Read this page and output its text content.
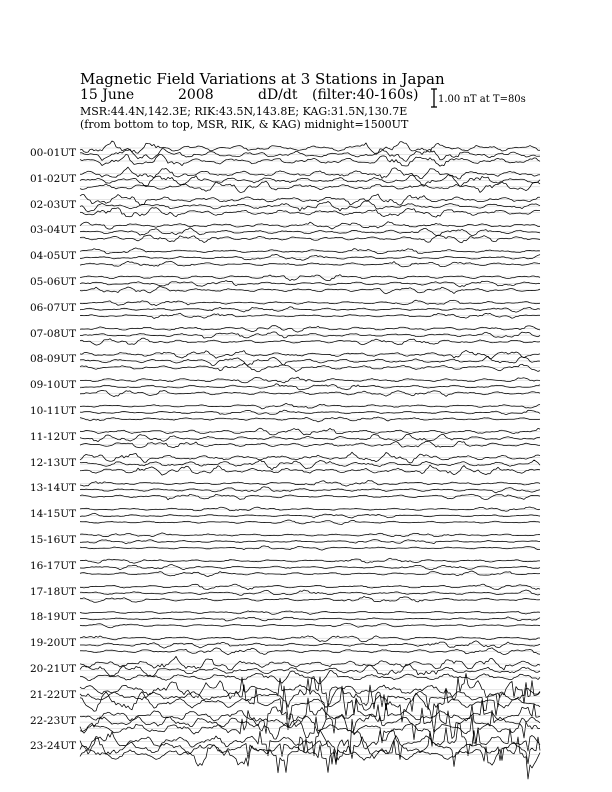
Magnetic Field Variations at 3 Stations in Japan
15 June	2008	dD/dt (filter:40-160s)
MSR:44.4N,142.3E; RIK:43.5N,143.8E; KAG:31.5N,130.7E
(from bottom to top, MSR, RIK, & KAG) midnight=1500UT
1.00 nT at T=80s
00-01UT
01-02UT
02-03UT
03-04UT
04-05UT
05-06UT
06-07UT
07-08UT
08-09UT
09-10UT
10-11UT
11-12UT
12-13UT
13-14UT
14-15UT
15-16UT
16-17UT
17-18UT
18-19UT
19-20UT
20-21UT
21-22UT
22-23UT
23-24UT
